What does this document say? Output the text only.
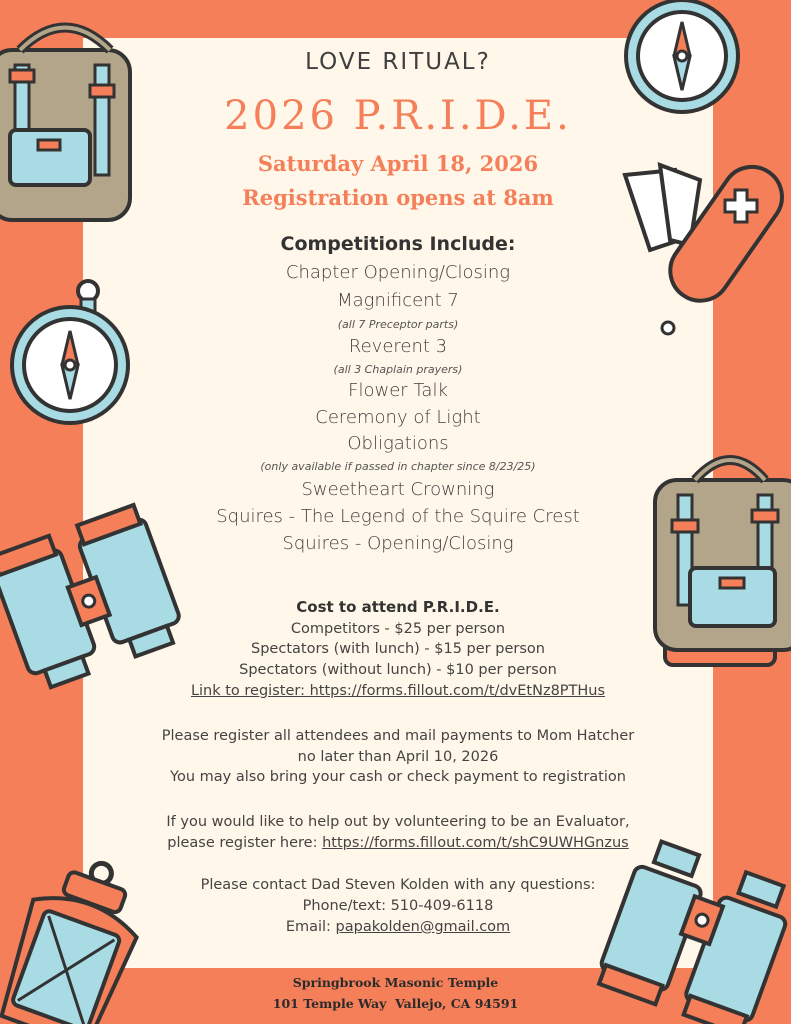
LOVE RITUAL?
2026 P.R.I.D.E.
Saturday April 18, 2026
Registration opens at 8am
Competitions Include:
Chapter Opening/Closing
Magnificent 7
(all 7 Preceptor parts)
Reverent 3
(all 3 Chaplain prayers)
Flower Talk
Ceremony of Light
Obligations
(only available if passed in chapter since 8/23/25)
Sweetheart Crowning
Squires - The Legend of the Squire Crest
Squires - Opening/Closing
Cost to attend P.R.I.D.E.
Competitors - $25 per person
Spectators (with lunch) - $15 per person
Spectators (without lunch) - $10 per person
Link to register: https://forms.fillout.com/t/dvEtNz8PTHus
Please register all attendees and mail payments to Mom Hatcher
no later than April 10, 2026
You may also bring your cash or check payment to registration
If you would like to help out by volunteering to be an Evaluator,
please register here: https://forms.fillout.com/t/shC9UWHGnzus
Please contact Dad Steven Kolden with any questions:
Phone/text: 510-409-6118
Email: papakolden@gmail.com
Springbrook Masonic Temple
101 Temple Way  Vallejo, CA 94591
